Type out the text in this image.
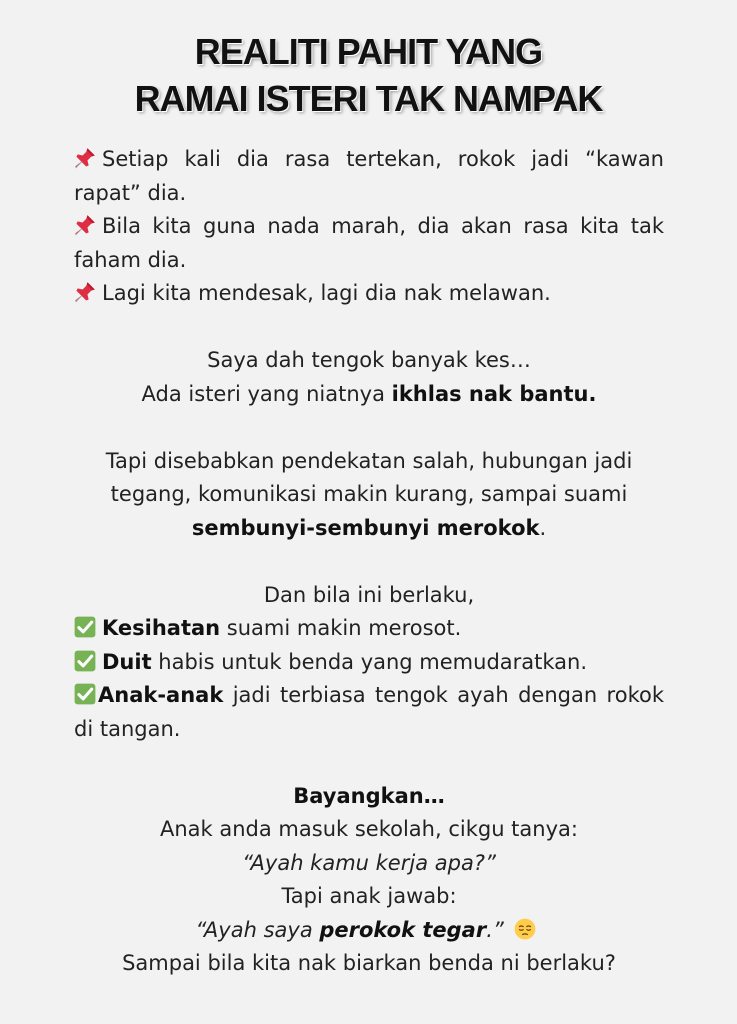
REALITI PAHIT YANG
RAMAI ISTERI TAK NAMPAK

Setiap kali dia rasa tertekan, rokok jadi “kawan rapat” dia.

Bila kita guna nada marah, dia akan rasa kita tak faham dia.

Lagi kita mendesak, lagi dia nak melawan.

Saya dah tengok banyak kes…

Ada isteri yang niatnya ikhlas nak bantu.

Tapi disebabkan pendekatan salah, hubungan jadi tegang, komunikasi makin kurang, sampai suami sembunyi-sembunyi merokok.

Dan bila ini berlaku,

Kesihatan suami makin merosot.

Duit habis untuk benda yang memudaratkan.

Anak-anak jadi terbiasa tengok ayah dengan rokok di tangan.

Bayangkan…

Anak anda masuk sekolah, cikgu tanya:

“Ayah kamu kerja apa?”

Tapi anak jawab:

“Ayah saya perokok tegar.”

Sampai bila kita nak biarkan benda ni berlaku?
